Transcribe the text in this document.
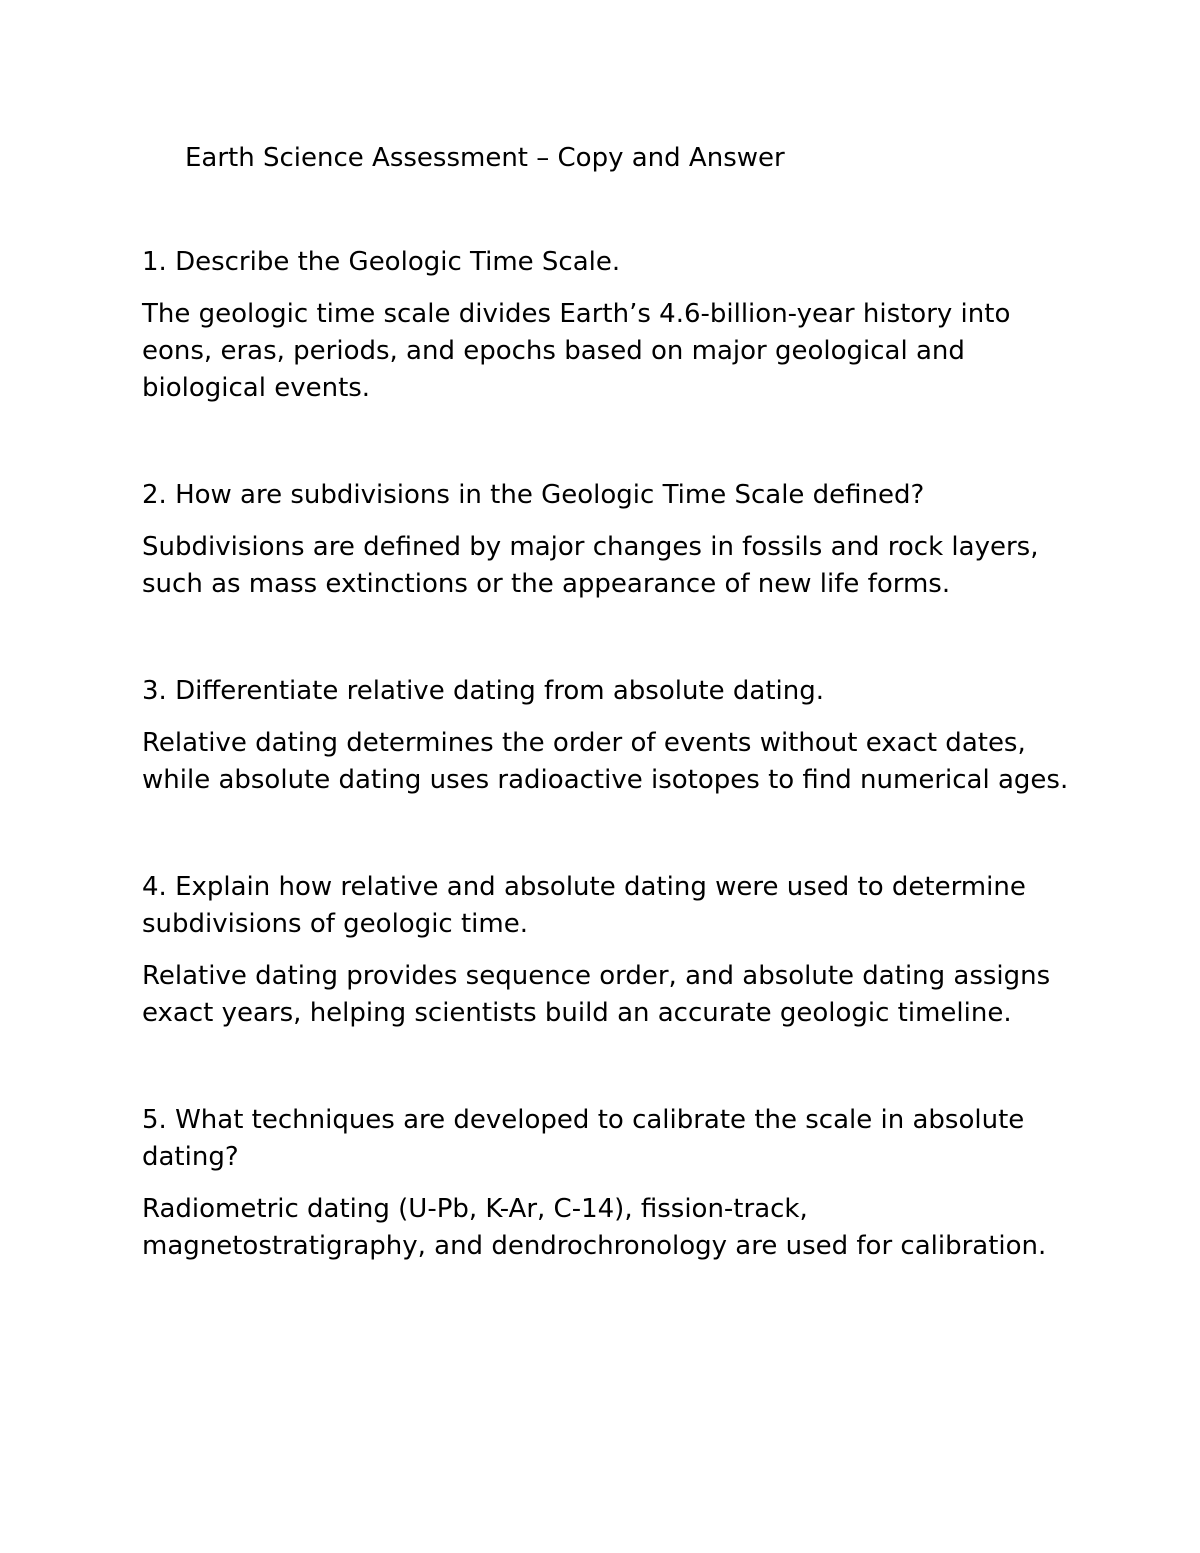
Earth Science Assessment – Copy and Answer

1. Describe the Geologic Time Scale.

The geologic time scale divides Earth’s 4.6-billion-year history into eons, eras, periods, and epochs based on major geological and biological events.

2. How are subdivisions in the Geologic Time Scale defined?

Subdivisions are defined by major changes in fossils and rock layers, such as mass extinctions or the appearance of new life forms.

3. Differentiate relative dating from absolute dating.

Relative dating determines the order of events without exact dates, while absolute dating uses radioactive isotopes to find numerical ages.

4. Explain how relative and absolute dating were used to determine subdivisions of geologic time.

Relative dating provides sequence order, and absolute dating assigns exact years, helping scientists build an accurate geologic timeline.

5. What techniques are developed to calibrate the scale in absolute dating?

Radiometric dating (U-Pb, K-Ar, C-14), fission-track, magnetostratigraphy, and dendrochronology are used for calibration.
